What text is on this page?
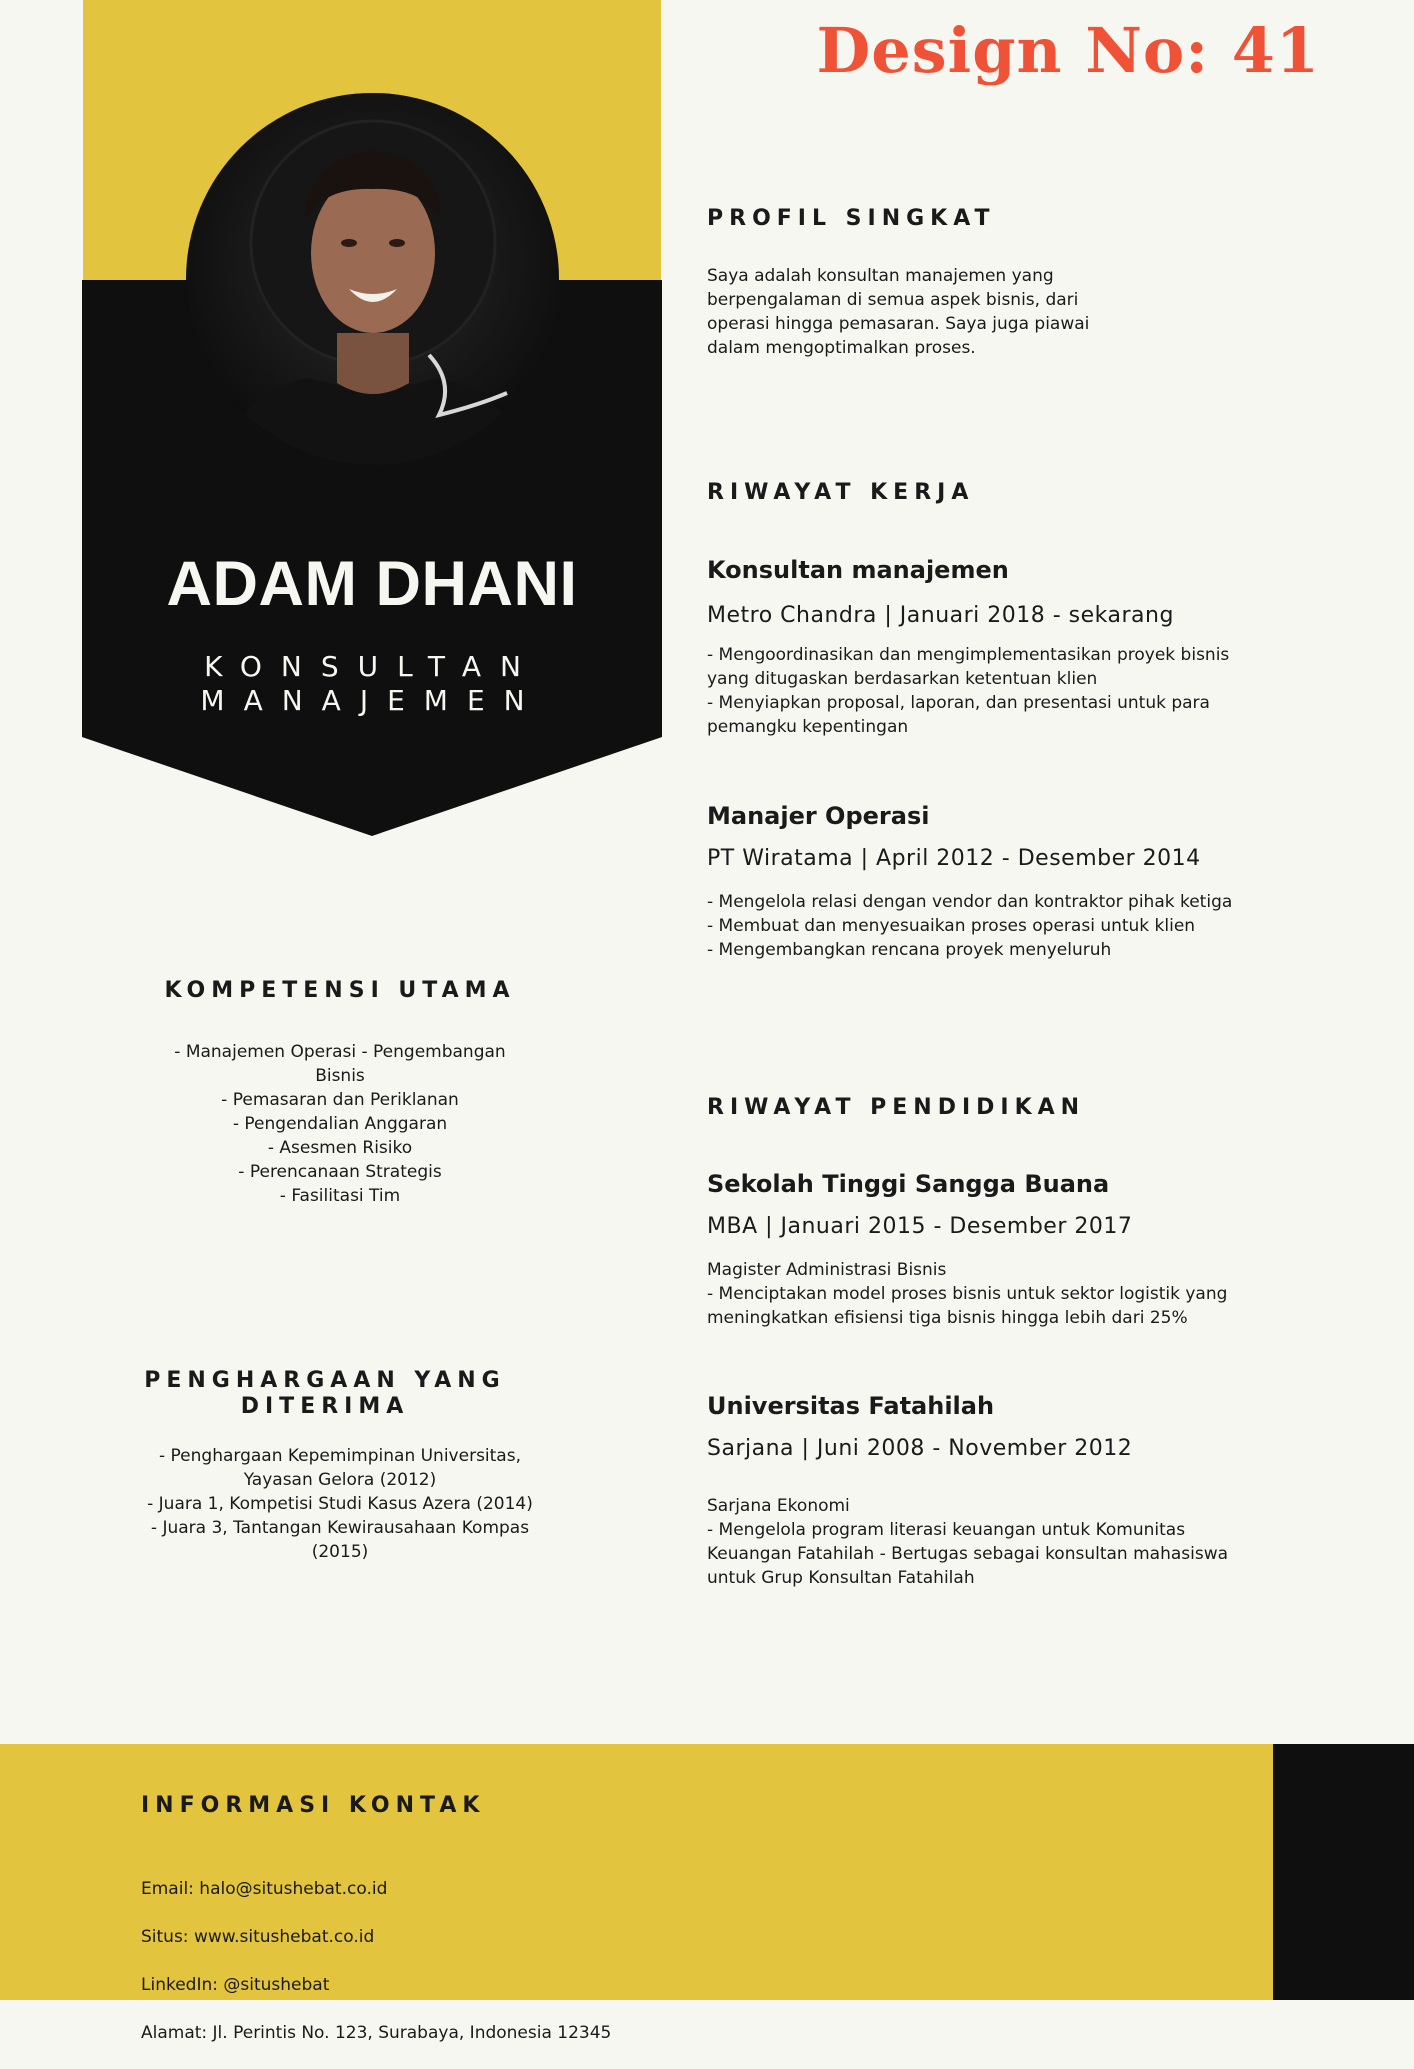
Design No: 41
ADAM DHANI
KONSULTAN
MANAJEMEN
PROFIL SINGKAT
Saya adalah konsultan manajemen yang
berpengalaman di semua aspek bisnis, dari
operasi hingga pemasaran. Saya juga piawai
dalam mengoptimalkan proses.
RIWAYAT KERJA
Konsultan manajemen
Metro Chandra | Januari 2018 - sekarang
- Mengoordinasikan dan mengimplementasikan proyek bisnis
yang ditugaskan berdasarkan ketentuan klien
- Menyiapkan proposal, laporan, dan presentasi untuk para
pemangku kepentingan
Manajer Operasi
PT Wiratama | April 2012 - Desember 2014
- Mengelola relasi dengan vendor dan kontraktor pihak ketiga
- Membuat dan menyesuaikan proses operasi untuk klien
- Mengembangkan rencana proyek menyeluruh
RIWAYAT PENDIDIKAN
Sekolah Tinggi Sangga Buana
MBA | Januari 2015 - Desember 2017
Magister Administrasi Bisnis
- Menciptakan model proses bisnis untuk sektor logistik yang
meningkatkan efisiensi tiga bisnis hingga lebih dari 25%
Universitas Fatahilah
Sarjana | Juni 2008 - November 2012
Sarjana Ekonomi
- Mengelola program literasi keuangan untuk Komunitas
Keuangan Fatahilah - Bertugas sebagai konsultan mahasiswa
untuk Grup Konsultan Fatahilah
KOMPETENSI UTAMA
- Manajemen Operasi - Pengembangan
Bisnis
- Pemasaran dan Periklanan
- Pengendalian Anggaran
- Asesmen Risiko
- Perencanaan Strategis
- Fasilitasi Tim
PENGHARGAAN YANG
DITERIMA
- Penghargaan Kepemimpinan Universitas,
Yayasan Gelora (2012)
- Juara 1, Kompetisi Studi Kasus Azera (2014)
- Juara 3, Tantangan Kewirausahaan Kompas
(2015)
INFORMASI KONTAK

Email: halo@situshebat.co.id

Situs: www.situshebat.co.id

LinkedIn: @situshebat

Alamat: Jl. Perintis No. 123, Surabaya, Indonesia 12345
